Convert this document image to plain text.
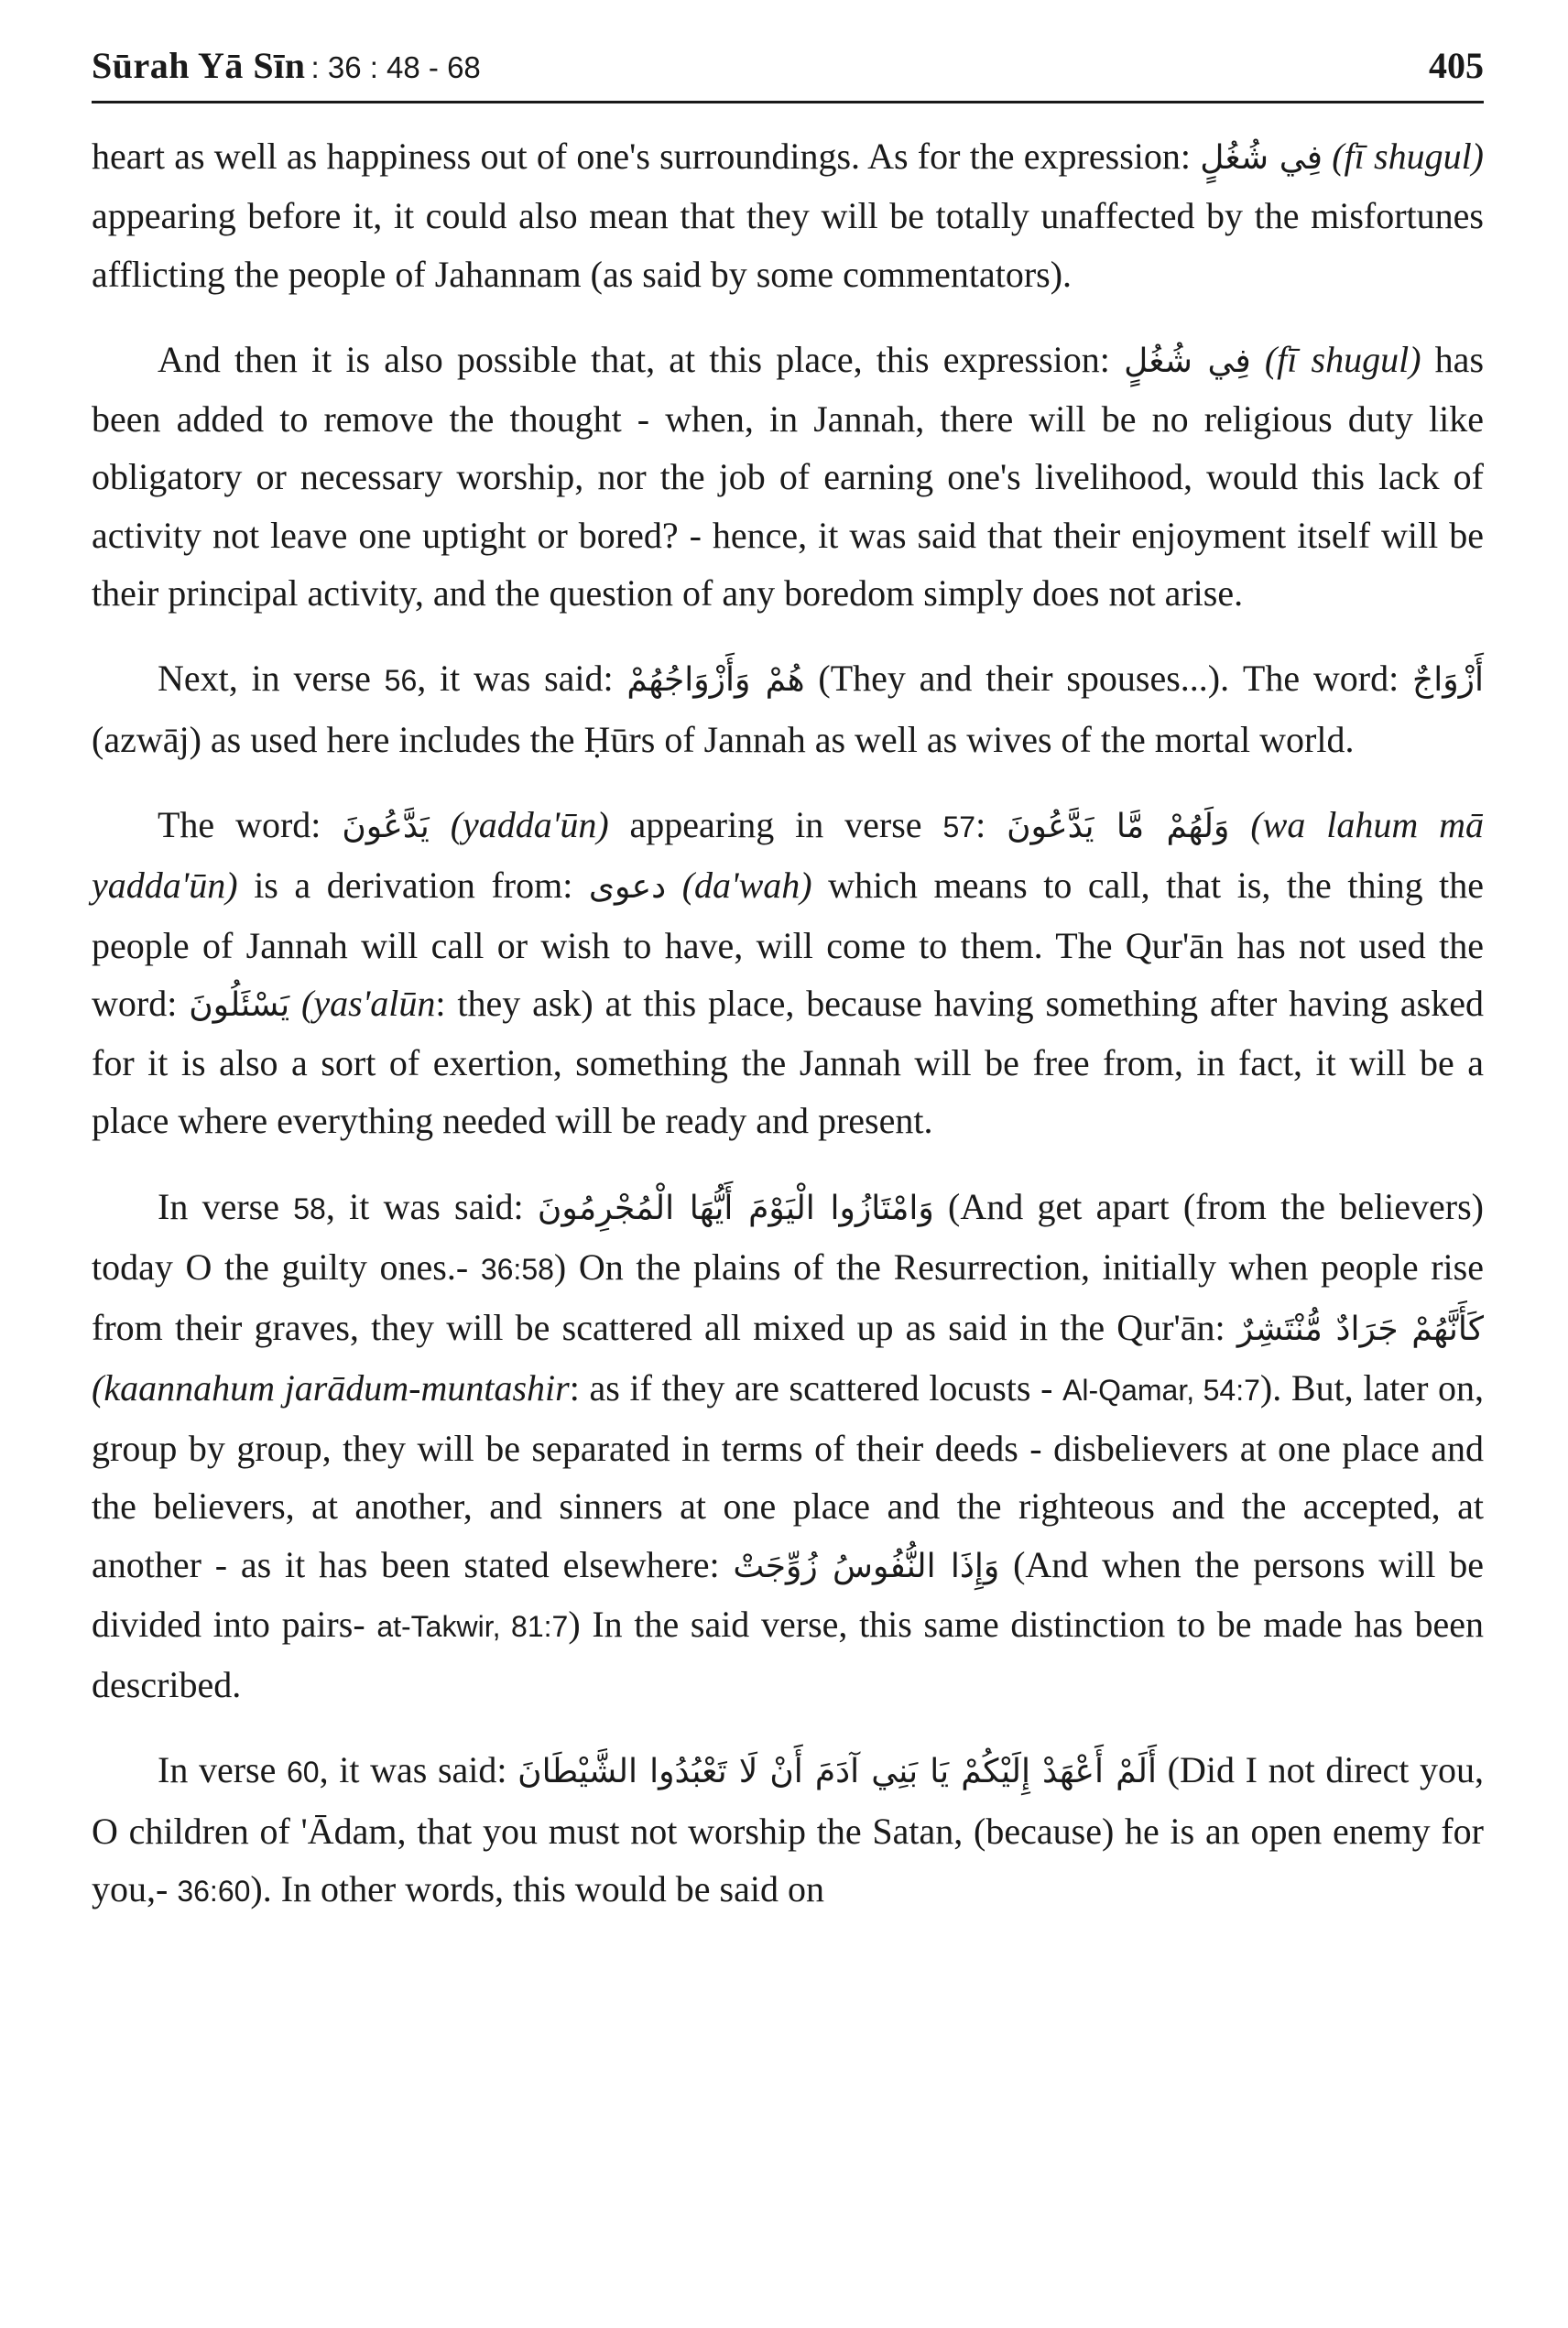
Sūrah Yā Sīn : 36 : 48 - 68	405

heart as well as happiness out of one's surroundings. As for the expression: فِي شُغُلٍ (fī shugul) appearing before it, it could also mean that they will be totally unaffected by the misfortunes afflicting the people of Jahannam (as said by some commentators).

And then it is also possible that, at this place, this expression: فِي شُغُلٍ (fī shugul) has been added to remove the thought - when, in Jannah, there will be no religious duty like obligatory or necessary worship, nor the job of earning one's livelihood, would this lack of activity not leave one uptight or bored? - hence, it was said that their enjoyment itself will be their principal activity, and the question of any boredom simply does not arise.

Next, in verse 56, it was said: هُمْ وَأَزْوَاجُهُمْ (They and their spouses...). The word: أَزْوَاجٌ (azwāj) as used here includes the Ḥūrs of Jannah as well as wives of the mortal world.

The word: يَدَّعُونَ (yadda'ūn) appearing in verse 57: وَلَهُمْ مَّا يَدَّعُونَ (wa lahum mā yadda'ūn) is a derivation from: دعوى (da'wah) which means to call, that is, the thing the people of Jannah will call or wish to have, will come to them. The Qur'ān has not used the word: يَسْئَلُونَ (yas'alūn: they ask) at this place, because having something after having asked for it is also a sort of exertion, something the Jannah will be free from, in fact, it will be a place where everything needed will be ready and present.

In verse 58, it was said: وَامْتَازُوا الْيَوْمَ أَيُّهَا الْمُجْرِمُونَ (And get apart (from the believers) today O the guilty ones.- 36:58) On the plains of the Resurrection, initially when people rise from their graves, they will be scattered all mixed up as said in the Qur'ān: كَأَنَّهُمْ جَرَادٌ مُّنْتَشِرٌ (kaannahum jarādum-muntashir: as if they are scattered locusts - Al-Qamar, 54:7). But, later on, group by group, they will be separated in terms of their deeds - disbelievers at one place and the believers, at another, and sinners at one place and the righteous and the accepted, at another - as it has been stated elsewhere: وَإِذَا النُّفُوسُ زُوِّجَتْ (And when the persons will be divided into pairs- at-Takwir, 81:7) In the said verse, this same distinction to be made has been described.

In verse 60, it was said: أَلَمْ أَعْهَدْ إِلَيْكُمْ يَا بَنِي آدَمَ أَنْ لَا تَعْبُدُوا الشَّيْطَانَ (Did I not direct you, O children of 'Ādam, that you must not worship the Satan, (because) he is an open enemy for you,- 36:60). In other words, this would be said on
